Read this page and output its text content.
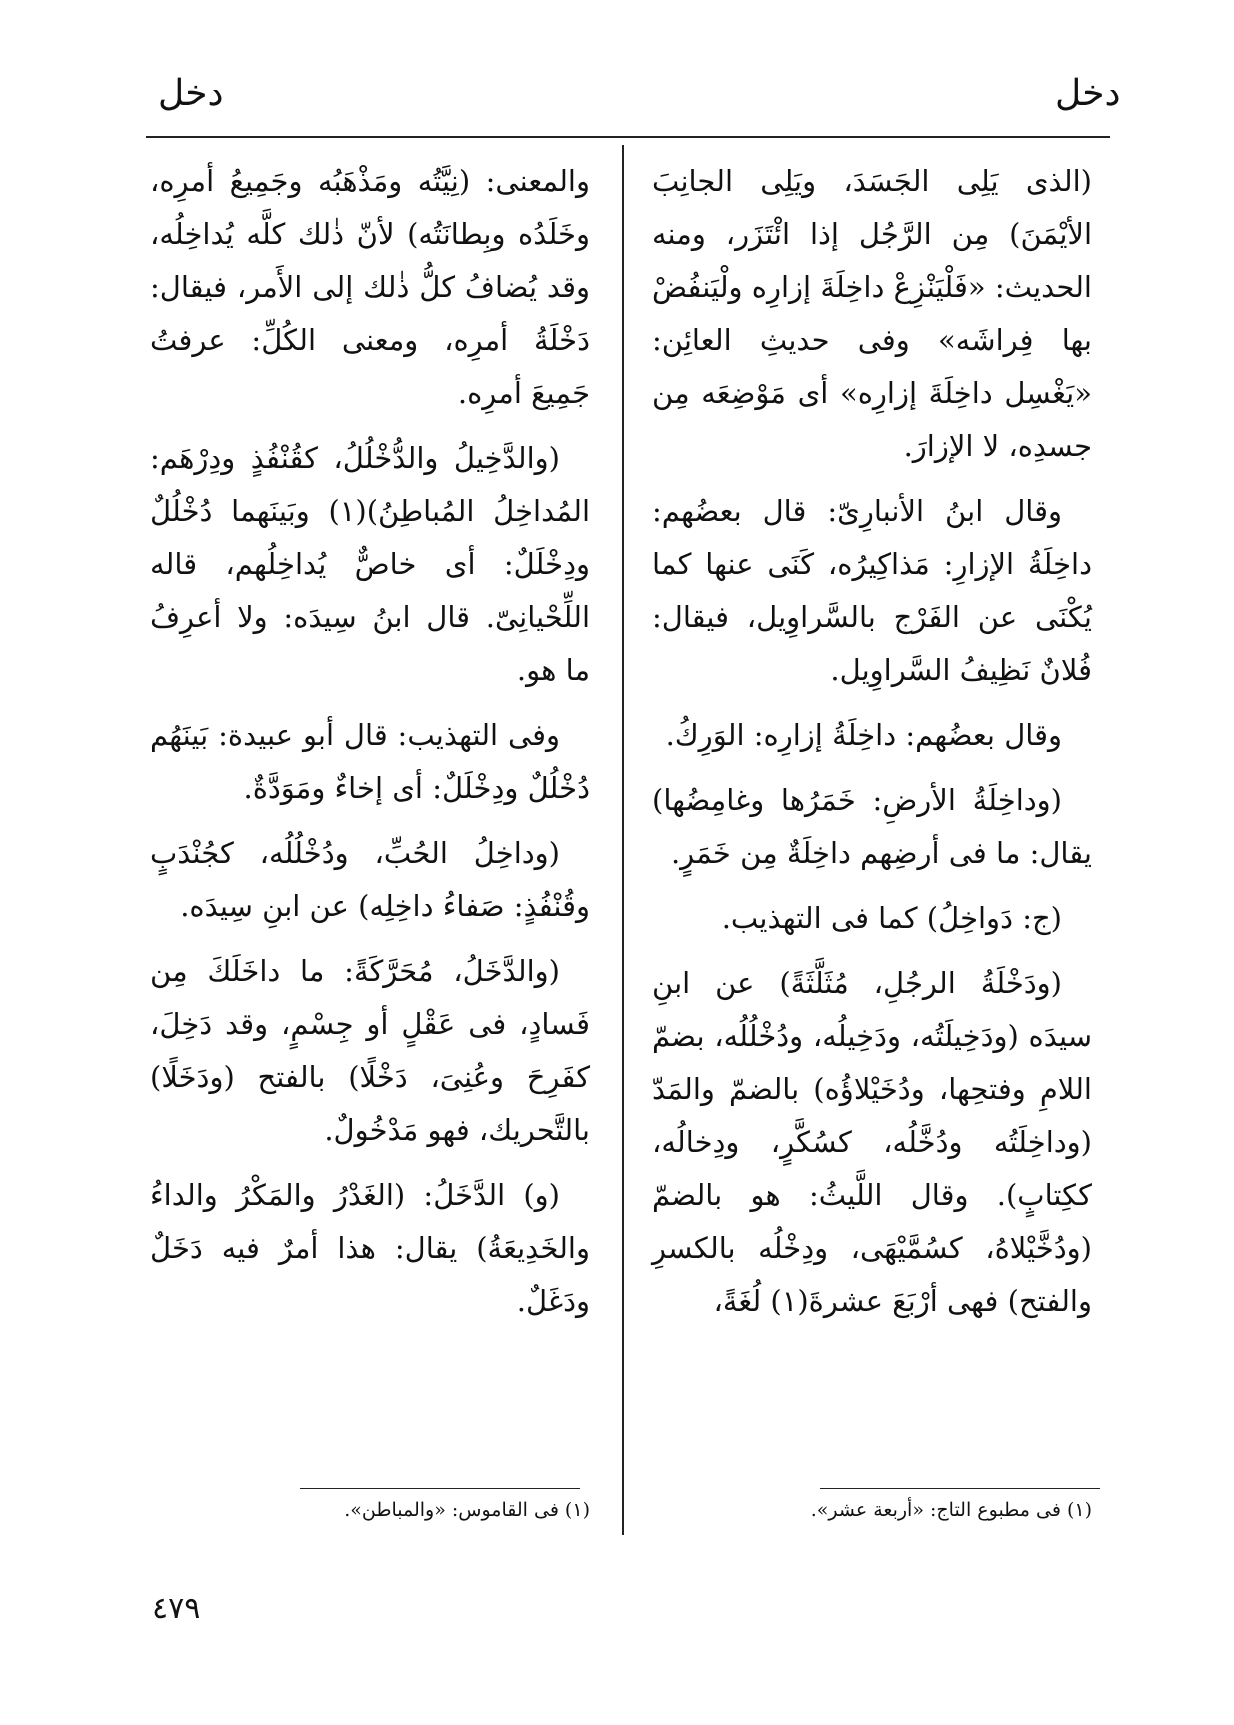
دخل	دخل

(الذى يَلِى الجَسَدَ، ويَلِى الجانِبَ الأيْمَنَ) مِن الرَّجُل إذا ائْتَزَر، ومنه الحديث: «فَلْيَنْزِعْ داخِلَةَ إزارِه ولْيَنفُضْ بها فِراشَه» وفى حديثِ العائِن: «يَغْسِل داخِلَةَ إزارِه» أى مَوْضِعَه مِن جسدِه، لا الإزارَ.

وقال ابنُ الأنبارِىّ: قال بعضُهم: داخِلَةُ الإزارِ: مَذاكِيرُه، كَنَى عنها كما يُكْنَى عن الفَرْج بالسَّراوِيل، فيقال: فُلانٌ نَظِيفُ السَّراوِيل.

وقال بعضُهم: داخِلَةُ إزارِه: الوَرِكُ.

(وداخِلَةُ الأرضِ: خَمَرُها وغامِضُها) يقال: ما فى أرضِهم داخِلَةٌ مِن خَمَرٍ.

(ج: دَواخِلُ) كما فى التهذيب.

(ودَخْلَةُ الرجُلِ، مُثَلَّثَةً) عن ابنِ سيدَه (ودَخِيلَتُه، ودَخِيلُه، ودُخْلُلُه، بضمّ اللامِ وفتحِها، ودُخَيْلاؤُه) بالضمّ والمَدّ (وداخِلَتُه ودُخَّلُه، كسُكَّرٍ، ودِخالُه، ككِتابٍ). وقال اللَّيثُ: هو بالضمّ (ودُخَّيْلاهُ، كسُمَّيْهَى، ودِخْلُه بالكسرِ والفتح) فهى أرْبَعَ عشرةَ(١) لُغَةً،

والمعنى: (نِيَّتُه ومَذْهَبُه وجَمِيعُ أمرِه، وخَلَدُه وبِطانَتُه) لأنّ ذٰلك كلَّه يُداخِلُه، وقد يُضافُ كلُّ ذٰلك إلى الأَمر، فيقال: دَخْلَةُ أمرِه، ومعنى الكُلِّ: عرفتُ جَمِيعَ أمرِه.

(والدَّخِيلُ والدُّخْلُلُ، كقُنْفُذٍ ودِرْهَم: المُداخِلُ المُباطِنُ)(١) وبَينَهما دُخْلُلٌ ودِخْلَلٌ: أى خاصٌّ يُداخِلُهم، قاله اللِّحْيانِىّ. قال ابنُ سِيدَه: ولا أعرِفُ ما هو.

وفى التهذيب: قال أبو عبيدة: بَينَهُم دُخْلُلٌ ودِخْلَلٌ: أى إخاءٌ ومَوَدَّةٌ.

(وداخِلُ الحُبِّ، ودُخْلُلُه، كجُنْدَبٍ وقُنْفُذٍ: صَفاءُ داخِلِه) عن ابنِ سِيدَه.

(والدَّخَلُ، مُحَرَّكَةً: ما داخَلَكَ مِن فَسادٍ، فى عَقْلٍ أو جِسْمٍ، وقد دَخِلَ، كفَرِحَ وعُنِىَ، دَخْلًا) بالفتح (ودَخَلًا) بالتَّحريك، فهو مَدْخُولٌ.

(و) الدَّخَلُ: (الغَدْرُ والمَكْرُ والداءُ والخَدِيعَةُ) يقال: هذا أمرٌ فيه دَخَلٌ ودَغَلٌ.

(١) فى مطبوع التاج: «أربعة عشر».
(١) فى القاموس: «والمباطن».
٤٧٩
